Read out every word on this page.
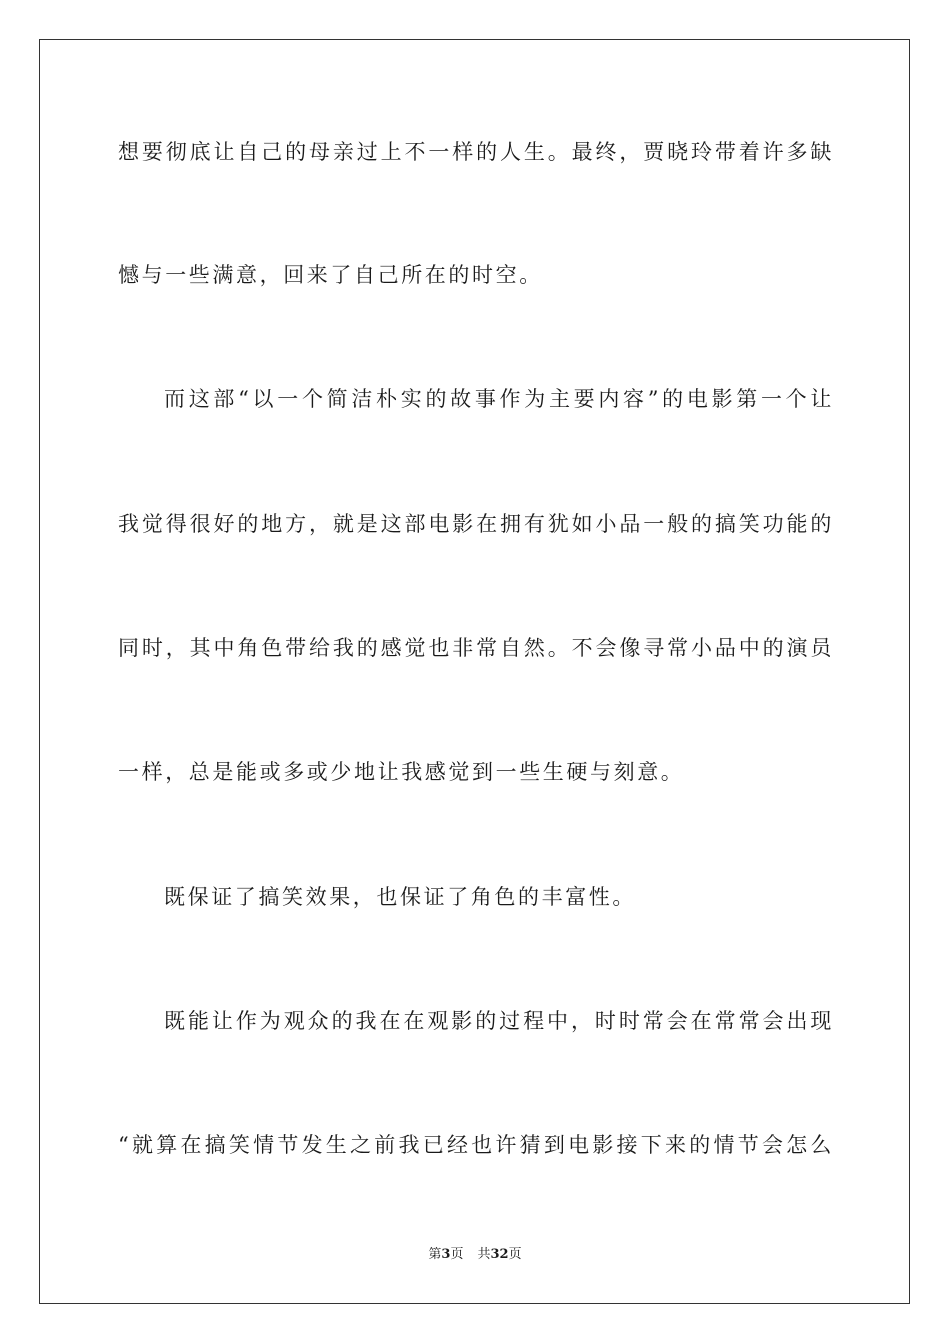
想要彻底让自己的母亲过上不一样的人生。最终，贾晓玲带着许多缺
憾与一些满意，回来了自己所在的时空。
而这部“以一个简洁朴实的故事作为主要内容”的电影第一个让
我觉得很好的地方，就是这部电影在拥有犹如小品一般的搞笑功能的
同时，其中角色带给我的感觉也非常自然。不会像寻常小品中的演员
一样，总是能或多或少地让我感觉到一些生硬与刻意。
既保证了搞笑效果，也保证了角色的丰富性。
既能让作为观众的我在在观影的过程中，时时常会在常常会出现
“就算在搞笑情节发生之前我已经也许猜到电影接下来的情节会怎么
第3页 共32页
